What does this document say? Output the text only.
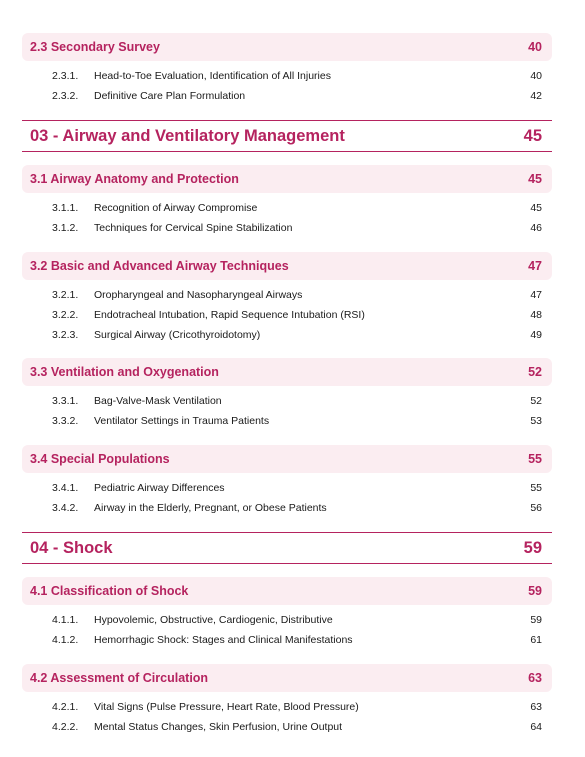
2.3 Secondary Survey	40
2.3.1.	Head-to-Toe Evaluation, Identification of All Injuries	40
2.3.2.	Definitive Care Plan Formulation	42
03 - Airway and Ventilatory Management	45
3.1 Airway Anatomy and Protection	45
3.1.1.	Recognition of Airway Compromise	45
3.1.2.	Techniques for Cervical Spine Stabilization	46
3.2 Basic and Advanced Airway Techniques	47
3.2.1.	Oropharyngeal and Nasopharyngeal Airways	47
3.2.2.	Endotracheal Intubation, Rapid Sequence Intubation (RSI)	48
3.2.3.	Surgical Airway (Cricothyroidotomy)	49
3.3 Ventilation and Oxygenation	52
3.3.1.	Bag-Valve-Mask Ventilation	52
3.3.2.	Ventilator Settings in Trauma Patients	53
3.4 Special Populations	55
3.4.1.	Pediatric Airway Differences	55
3.4.2.	Airway in the Elderly, Pregnant, or Obese Patients	56
04 - Shock	59
4.1 Classification of Shock	59
4.1.1.	Hypovolemic, Obstructive, Cardiogenic, Distributive	59
4.1.2.	Hemorrhagic Shock: Stages and Clinical Manifestations	61
4.2 Assessment of Circulation	63
4.2.1.	Vital Signs (Pulse Pressure, Heart Rate, Blood Pressure)	63
4.2.2.	Mental Status Changes, Skin Perfusion, Urine Output	64
